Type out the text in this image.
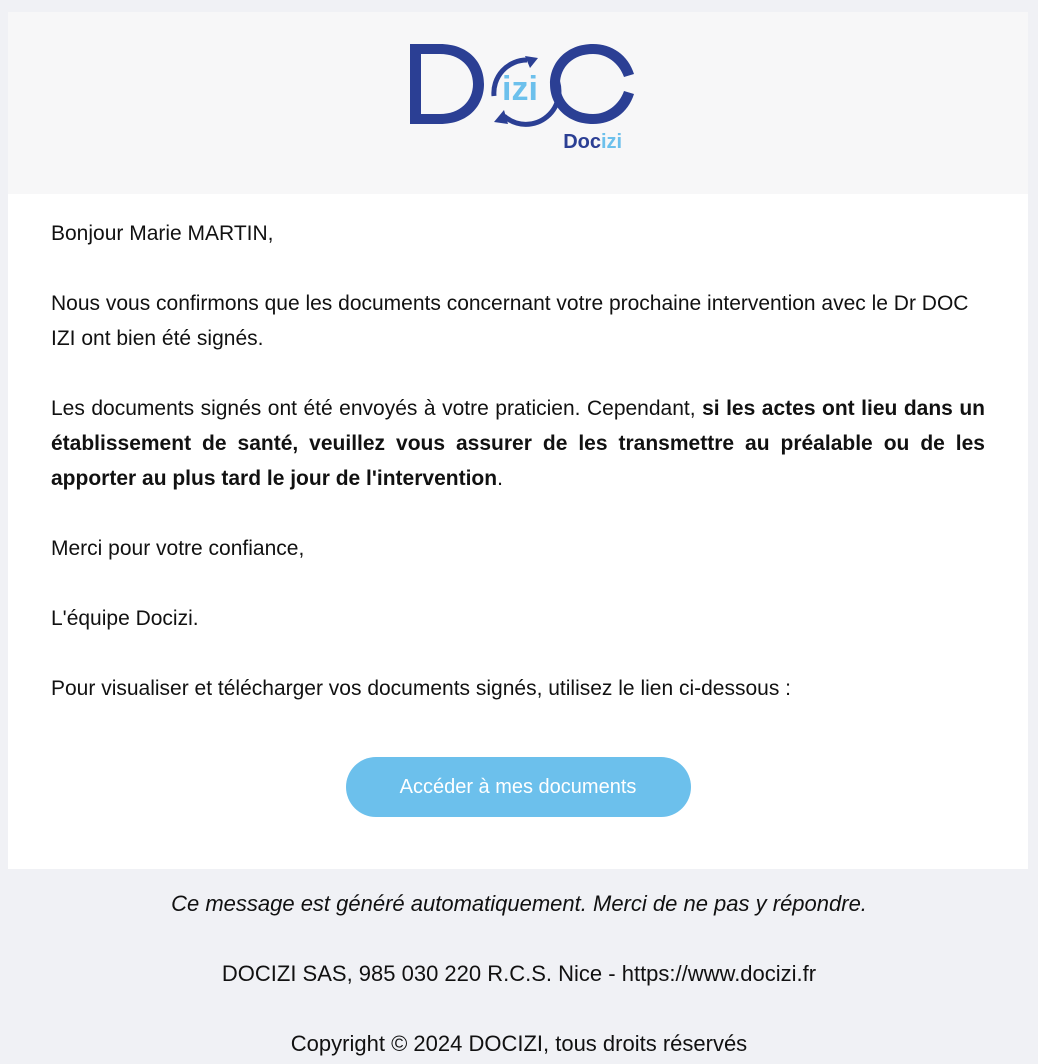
izi
Doc izi

Bonjour Marie MARTIN,

Nous vous confirmons que les documents concernant votre prochaine intervention avec le Dr DOC IZI ont bien été signés.

Les documents signés ont été envoyés à votre praticien. Cependant, si les actes ont lieu dans un établissement de santé, veuillez vous assurer de les transmettre au préalable ou de les apporter au plus tard le jour de l'intervention.

Merci pour votre confiance,

L'équipe Docizi.

Pour visualiser et télécharger vos documents signés, utilisez le lien ci-dessous :

Accéder à mes documents
Ce message est généré automatiquement. Merci de ne pas y répondre.
DOCIZI SAS, 985 030 220 R.C.S. Nice - https://www.docizi.fr
Copyright © 2024 DOCIZI, tous droits réservés
